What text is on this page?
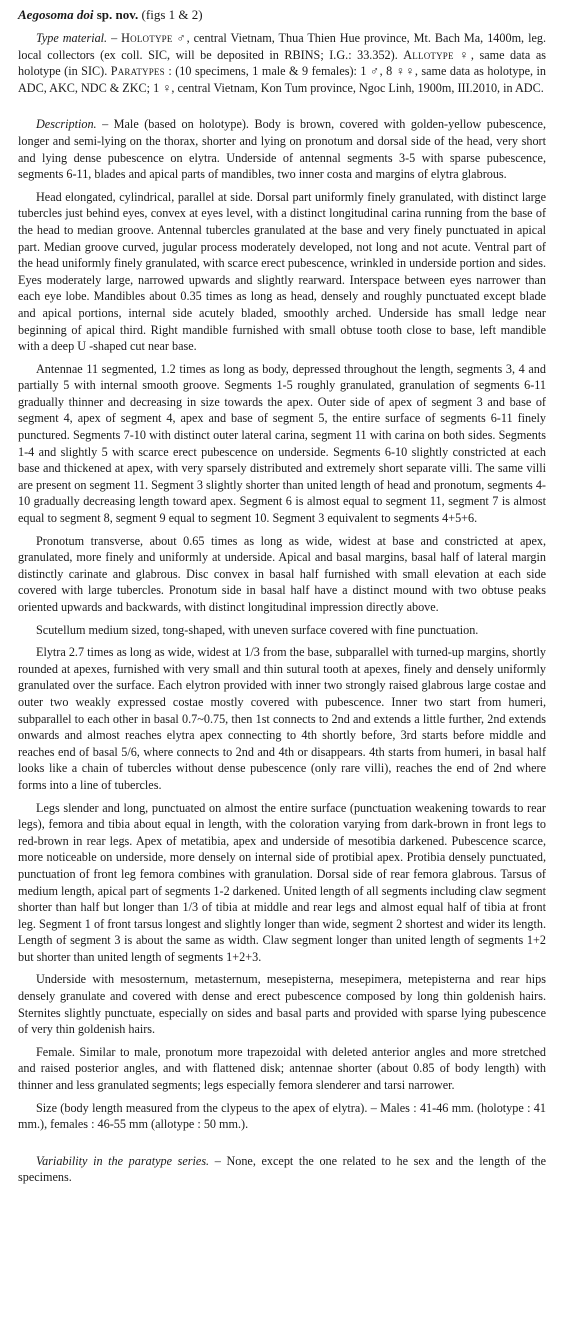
Aegosoma doi sp. nov. (figs 1 & 2)

Type material. – Holotype ♂, central Vietnam, Thua Thien Hue province, Mt. Bach Ma, 1400m, leg. local collectors (ex coll. SIC, will be deposited in RBINS; I.G.: 33.352). Allotype ♀, same data as holotype (in SIC). Paratypes : (10 specimens, 1 male & 9 females): 1 ♂, 8 ♀♀, same data as holotype, in ADC, AKC, NDC & ZKC; 1 ♀, central Vietnam, Kon Tum province, Ngoc Linh, 1900m, III.2010, in ADC.

Description. – Male (based on holotype). Body is brown, covered with golden-yellow pubescence, longer and semi-lying on the thorax, shorter and lying on pronotum and dorsal side of the head, very short and lying dense pubescence on elytra. Underside of antennal segments 3-5 with sparse pubescence, segments 6-11, blades and apical parts of mandibles, two inner costa and margins of elytra glabrous.

Head elongated, cylindrical, parallel at side. Dorsal part uniformly finely granulated, with distinct large tubercles just behind eyes, convex at eyes level, with a distinct longitudinal carina running from the base of the head to median groove. Antennal tubercles granulated at the base and very finely punctuated in apical part. Median groove curved, jugular process moderately developed, not long and not acute. Ventral part of the head uniformly finely granulated, with scarce erect pubescence, wrinkled in underside portion and sides. Eyes moderately large, narrowed upwards and slightly rearward. Interspace between eyes narrower than each eye lobe. Mandibles about 0.35 times as long as head, densely and roughly punctuated except blade and apical portions, internal side acutely bladed, smoothly arched. Underside has small ledge near beginning of apical third. Right mandible furnished with small obtuse tooth close to base, left mandible with a deep U -shaped cut near base.

Antennae 11 segmented, 1.2 times as long as body, depressed throughout the length, segments 3, 4 and partially 5 with internal smooth groove. Segments 1-5 roughly granulated, granulation of segments 6-11 gradually thinner and decreasing in size towards the apex. Outer side of apex of segment 3 and base of segment 4, apex of segment 4, apex and base of segment 5, the entire surface of segments 6-11 finely punctured. Segments 7-10 with distinct outer lateral carina, segment 11 with carina on both sides. Segments 1-4 and slightly 5 with scarce erect pubescence on underside. Segments 6-10 slightly constricted at each base and thickened at apex, with very sparsely distributed and extremely short separate villi. The same villi are present on segment 11. Segment 3 slightly shorter than united length of head and pronotum, segments 4-10 gradually decreasing length toward apex. Segment 6 is almost equal to segment 11, segment 7 is almost equal to segment 8, segment 9 equal to segment 10. Segment 3 equivalent to segments 4+5+6.

Pronotum transverse, about 0.65 times as long as wide, widest at base and constricted at apex, granulated, more finely and uniformly at underside. Apical and basal margins, basal half of lateral margin distinctly carinate and glabrous. Disc convex in basal half furnished with small elevation at each side covered with large tubercles. Pronotum side in basal half have a distinct mound with two obtuse peaks oriented upwards and backwards, with distinct longitudinal impression directly above.

Scutellum medium sized, tong-shaped, with uneven surface covered with fine punctuation.

Elytra 2.7 times as long as wide, widest at 1/3 from the base, subparallel with turned-up margins, shortly rounded at apexes, furnished with very small and thin sutural tooth at apexes, finely and densely uniformly granulated over the surface. Each elytron provided with inner two strongly raised glabrous large costae and outer two weakly expressed costae mostly covered with pubescence. Inner two start from humeri, subparallel to each other in basal 0.7~0.75, then 1st connects to 2nd and extends a little further, 2nd extends onwards and almost reaches elytra apex connecting to 4th shortly before, 3rd starts before middle and reaches end of basal 5/6, where connects to 2nd and 4th or disappears. 4th starts from humeri, in basal half looks like a chain of tubercles without dense pubescence (only rare villi), reaches the end of 2nd where forms into a line of tubercles.

Legs slender and long, punctuated on almost the entire surface (punctuation weakening towards to rear legs), femora and tibia about equal in length, with the coloration varying from dark-brown in front legs to red-brown in rear legs. Apex of metatibia, apex and underside of mesotibia darkened. Pubescence scarce, more noticeable on underside, more densely on internal side of protibial apex. Protibia densely punctuated, punctuation of front leg femora combines with granulation. Dorsal side of rear femora glabrous. Tarsus of medium length, apical part of segments 1-2 darkened. United length of all segments including claw segment shorter than half but longer than 1/3 of tibia at middle and rear legs and almost equal half of tibia at front leg. Segment 1 of front tarsus longest and slightly longer than wide, segment 2 shortest and wider its length. Length of segment 3 is about the same as width. Claw segment longer than united length of segments 1+2 but shorter than united length of segments 1+2+3.

Underside with mesosternum, metasternum, mesepisterna, mesepimera, metepisterna and rear hips densely granulate and covered with dense and erect pubescence composed by long thin goldenish hairs. Sternites slightly punctuate, especially on sides and basal parts and provided with sparse lying pubescence of very thin goldenish hairs.

Female. Similar to male, pronotum more trapezoidal with deleted anterior angles and more stretched and raised posterior angles, and with flattened disk; antennae shorter (about 0.85 of body length) with thinner and less granulated segments; legs especially femora slenderer and tarsi narrower.

Size (body length measured from the clypeus to the apex of elytra). – Males : 41-46 mm. (holotype : 41 mm.), females : 46-55 mm (allotype : 50 mm.).

Variability in the paratype series. – None, except the one related to he sex and the length of the specimens.
